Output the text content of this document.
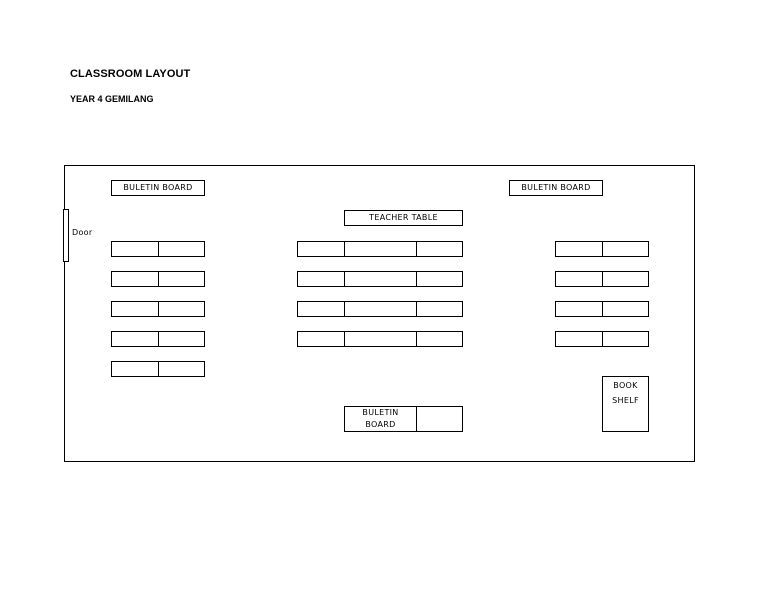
CLASSROOM LAYOUT
YEAR 4 GEMILANG
Door
BULETIN BOARD	BULETIN BOARD
TEACHER TABLE
BOOK
SHELF
BULETIN
BOARD
